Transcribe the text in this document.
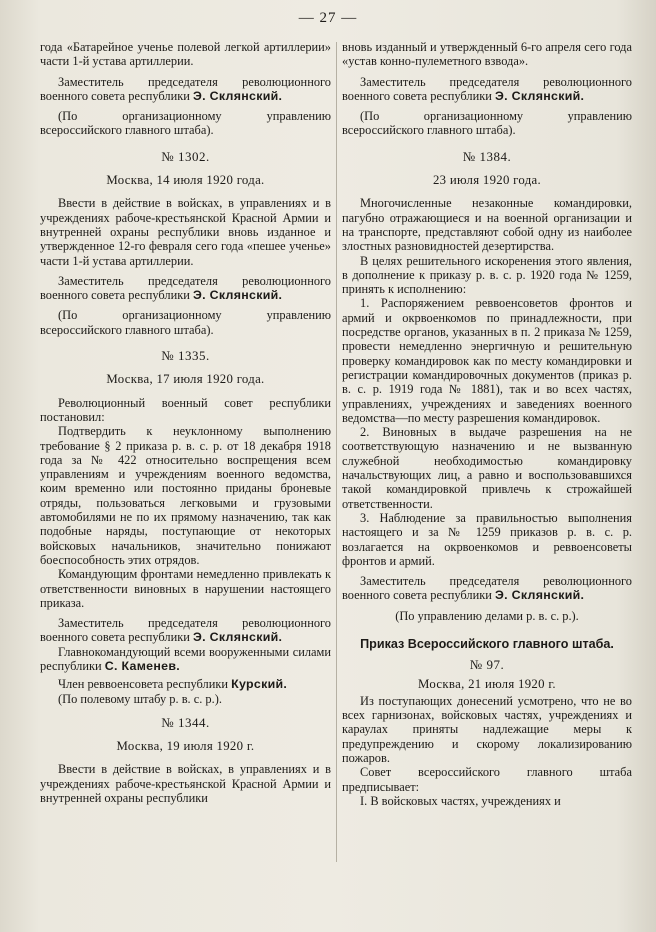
— 27 —

года «Батарейное ученье полевой легкой артиллерии» части 1-й устава артиллерии.

Заместитель председателя революционного военного совета республики Э. Склянский.

(По организационному управлению всероссийского главного штаба).

№ 1302.

Москва, 14 июля 1920 года.

Ввести в действие в войсках, в управлениях и в учреждениях рабоче-крестьянской Красной Армии и внутренней охраны республики вновь изданное и утвержденное 12-го февраля сего года «пешее ученье» части 1-й устава артиллерии.

Заместитель председателя революционного военного совета республики Э. Склянский.

(По организационному управлению всероссийского главного штаба).

№ 1335.

Москва, 17 июля 1920 года.

Революционный военный совет республики постановил:

Подтвердить к неуклонному выполнению требование § 2 приказа р. в. с. р. от 18 декабря 1918 года за № 422 относительно воспрещения всем управлениям и учреждениям военного ведомства, коим временно или постоянно приданы броневые отряды, пользоваться легковыми и грузовыми автомобилями не по их прямому назначению, так как подобные наряды, поступающие от некоторых войсковых начальников, значительно понижают боеспособность этих отрядов.

Командующим фронтами немедленно привлекать к ответственности виновных в нарушении настоящего приказа.

Заместитель председателя революционного военного совета республики Э. Склянский.

Главнокомандующий всеми вооруженными силами республики С. Каменев.

Член реввоенсовета республики Курский.

(По полевому штабу р. в. с. р.).

№ 1344.

Москва, 19 июля 1920 г.

Ввести в действие в войсках, в управлениях и в учреждениях рабоче-крестьянской Красной Армии и внутренней охраны республики

вновь изданный и утвержденный 6-го апреля сего года «устав конно-пулеметного взвода».

Заместитель председателя революционного военного совета республики Э. Склянский.

(По организационному управлению всероссийского главного штаба).

№ 1384.

23 июля 1920 года.

Многочисленные незаконные командировки, пагубно отражающиеся и на военной организации и на транспорте, представляют собой одну из наиболее злостных разновидностей дезертирства.

В целях решительного искоренения этого явления, в дополнение к приказу р. в. с. р. 1920 года № 1259, принять к исполнению:

1. Распоряжением реввоенсоветов фронтов и армий и окрвоенкомов по принадлежности, при посредстве органов, указанных в п. 2 приказа № 1259, провести немедленно энергичную и решительную проверку командировок как по месту командировки и регистрации командировочных документов (приказ р. в. с. р. 1919 года № 1881), так и во всех частях, управлениях, учреждениях и заведениях военного ведомства—по месту разрешения командировок.

2. Виновных в выдаче разрешения на не соответствующую назначению и не вызванную служебной необходимостью командировку начальствующих лиц, а равно и воспользовавшихся такой командировкой привлечь к строжайшей ответственности.

3. Наблюдение за правильностью выполнения настоящего и за № 1259 приказов р. в. с. р. возлагается на окрвоенкомов и реввоенсоветы фронтов и армий.

Заместитель председателя революционного военного совета республики Э. Склянский.

(По управлению делами р. в. с. р.).

Приказ Всероссийского главного штаба.

№ 97.

Москва, 21 июля 1920 г.

Из поступающих донесений усмотрено, что не во всех гарнизонах, войсковых частях, учреждениях и караулах приняты надлежащие меры к предупреждению и скорому локализированию пожаров.

Совет всероссийского главного штаба предписывает:

I. В войсковых частях, учреждениях и
